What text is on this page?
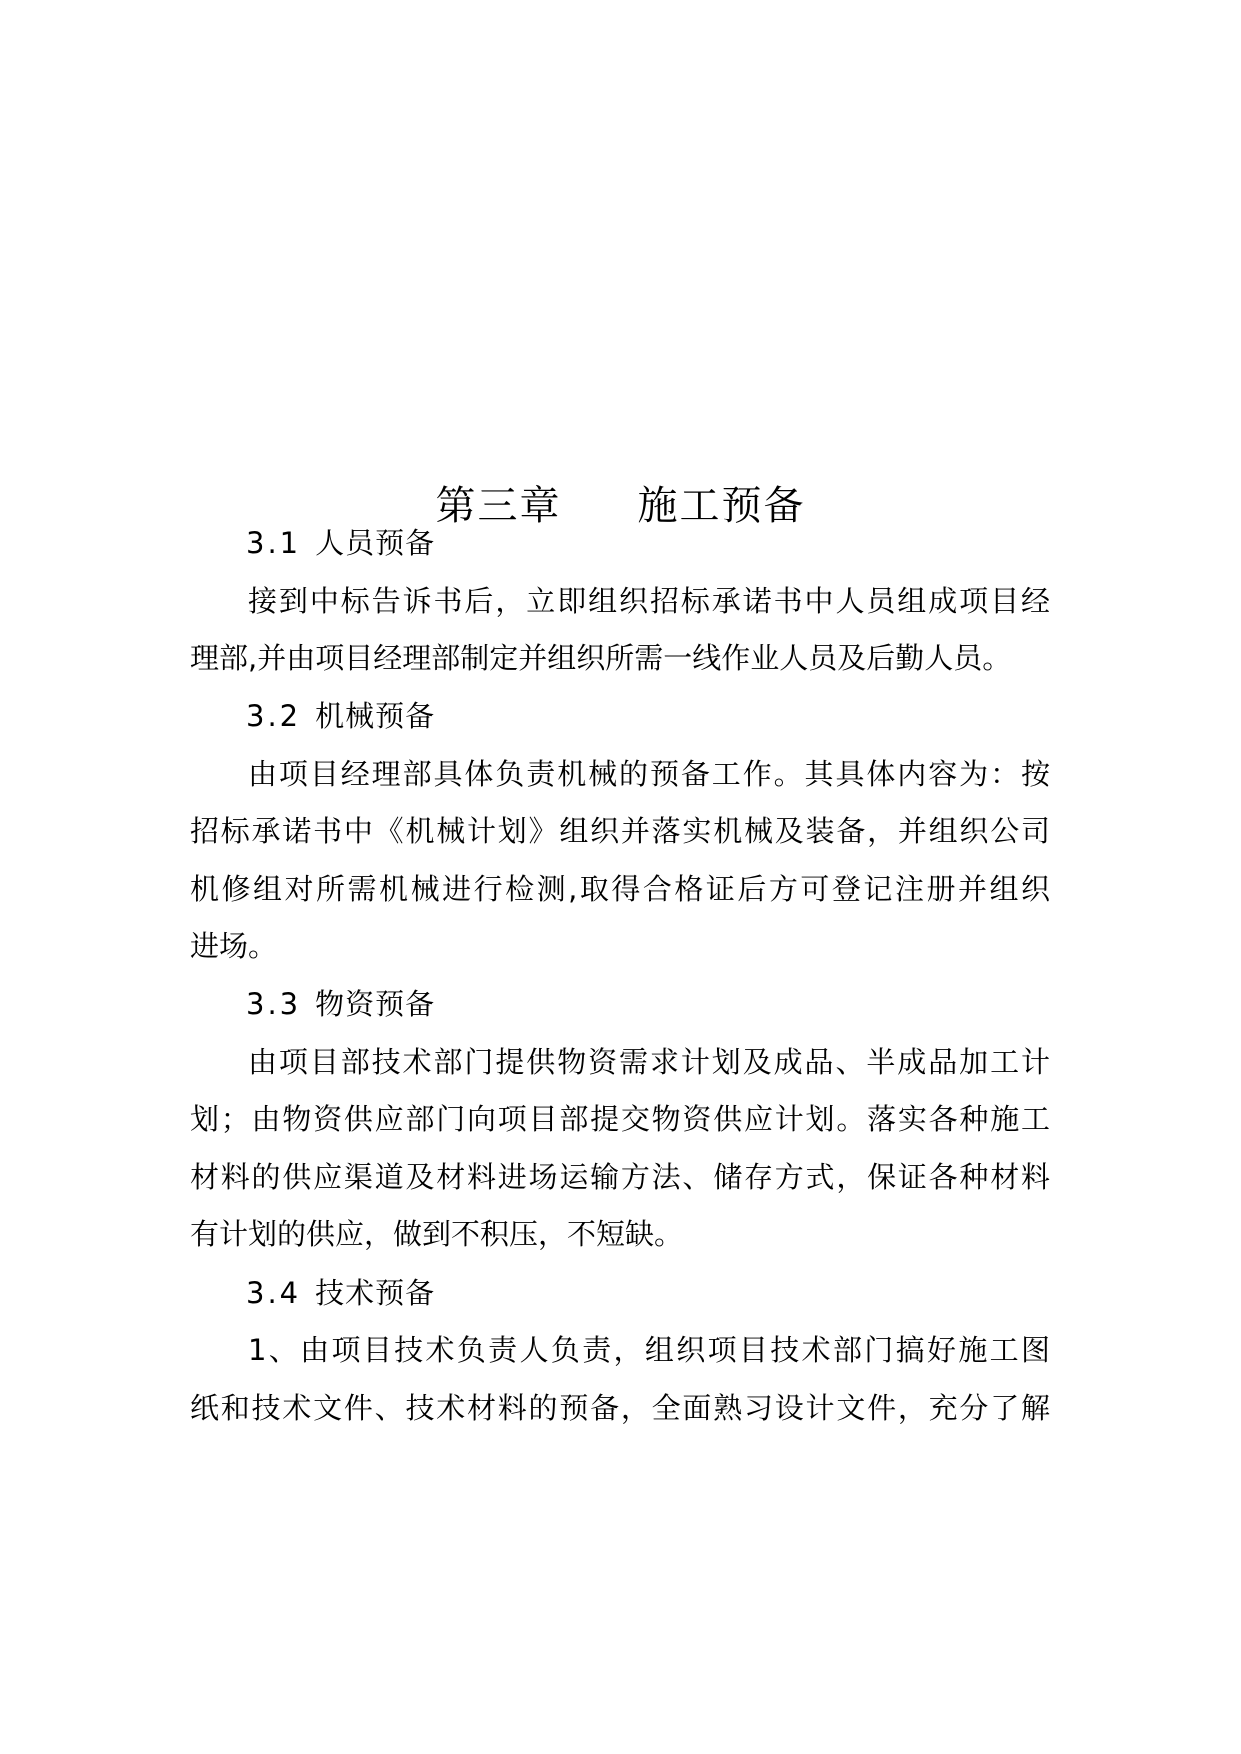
第三章 施工预备
3.1 人员预备

接到中标告诉书后，立即组织招标承诺书中人员组成项目经

理部,并由项目经理部制定并组织所需一线作业人员及后勤人员。

3.2 机械预备

由项目经理部具体负责机械的预备工作。其具体内容为：按

招标承诺书中《机械计划》组织并落实机械及装备，并组织公司

机修组对所需机械进行检测,取得合格证后方可登记注册并组织

进场。

3.3 物资预备

由项目部技术部门提供物资需求计划及成品、半成品加工计

划；由物资供应部门向项目部提交物资供应计划。落实各种施工

材料的供应渠道及材料进场运输方法、储存方式，保证各种材料

有计划的供应，做到不积压，不短缺。

3.4 技术预备

1、由项目技术负责人负责，组织项目技术部门搞好施工图

纸和技术文件、技术材料的预备，全面熟习设计文件，充分了解
